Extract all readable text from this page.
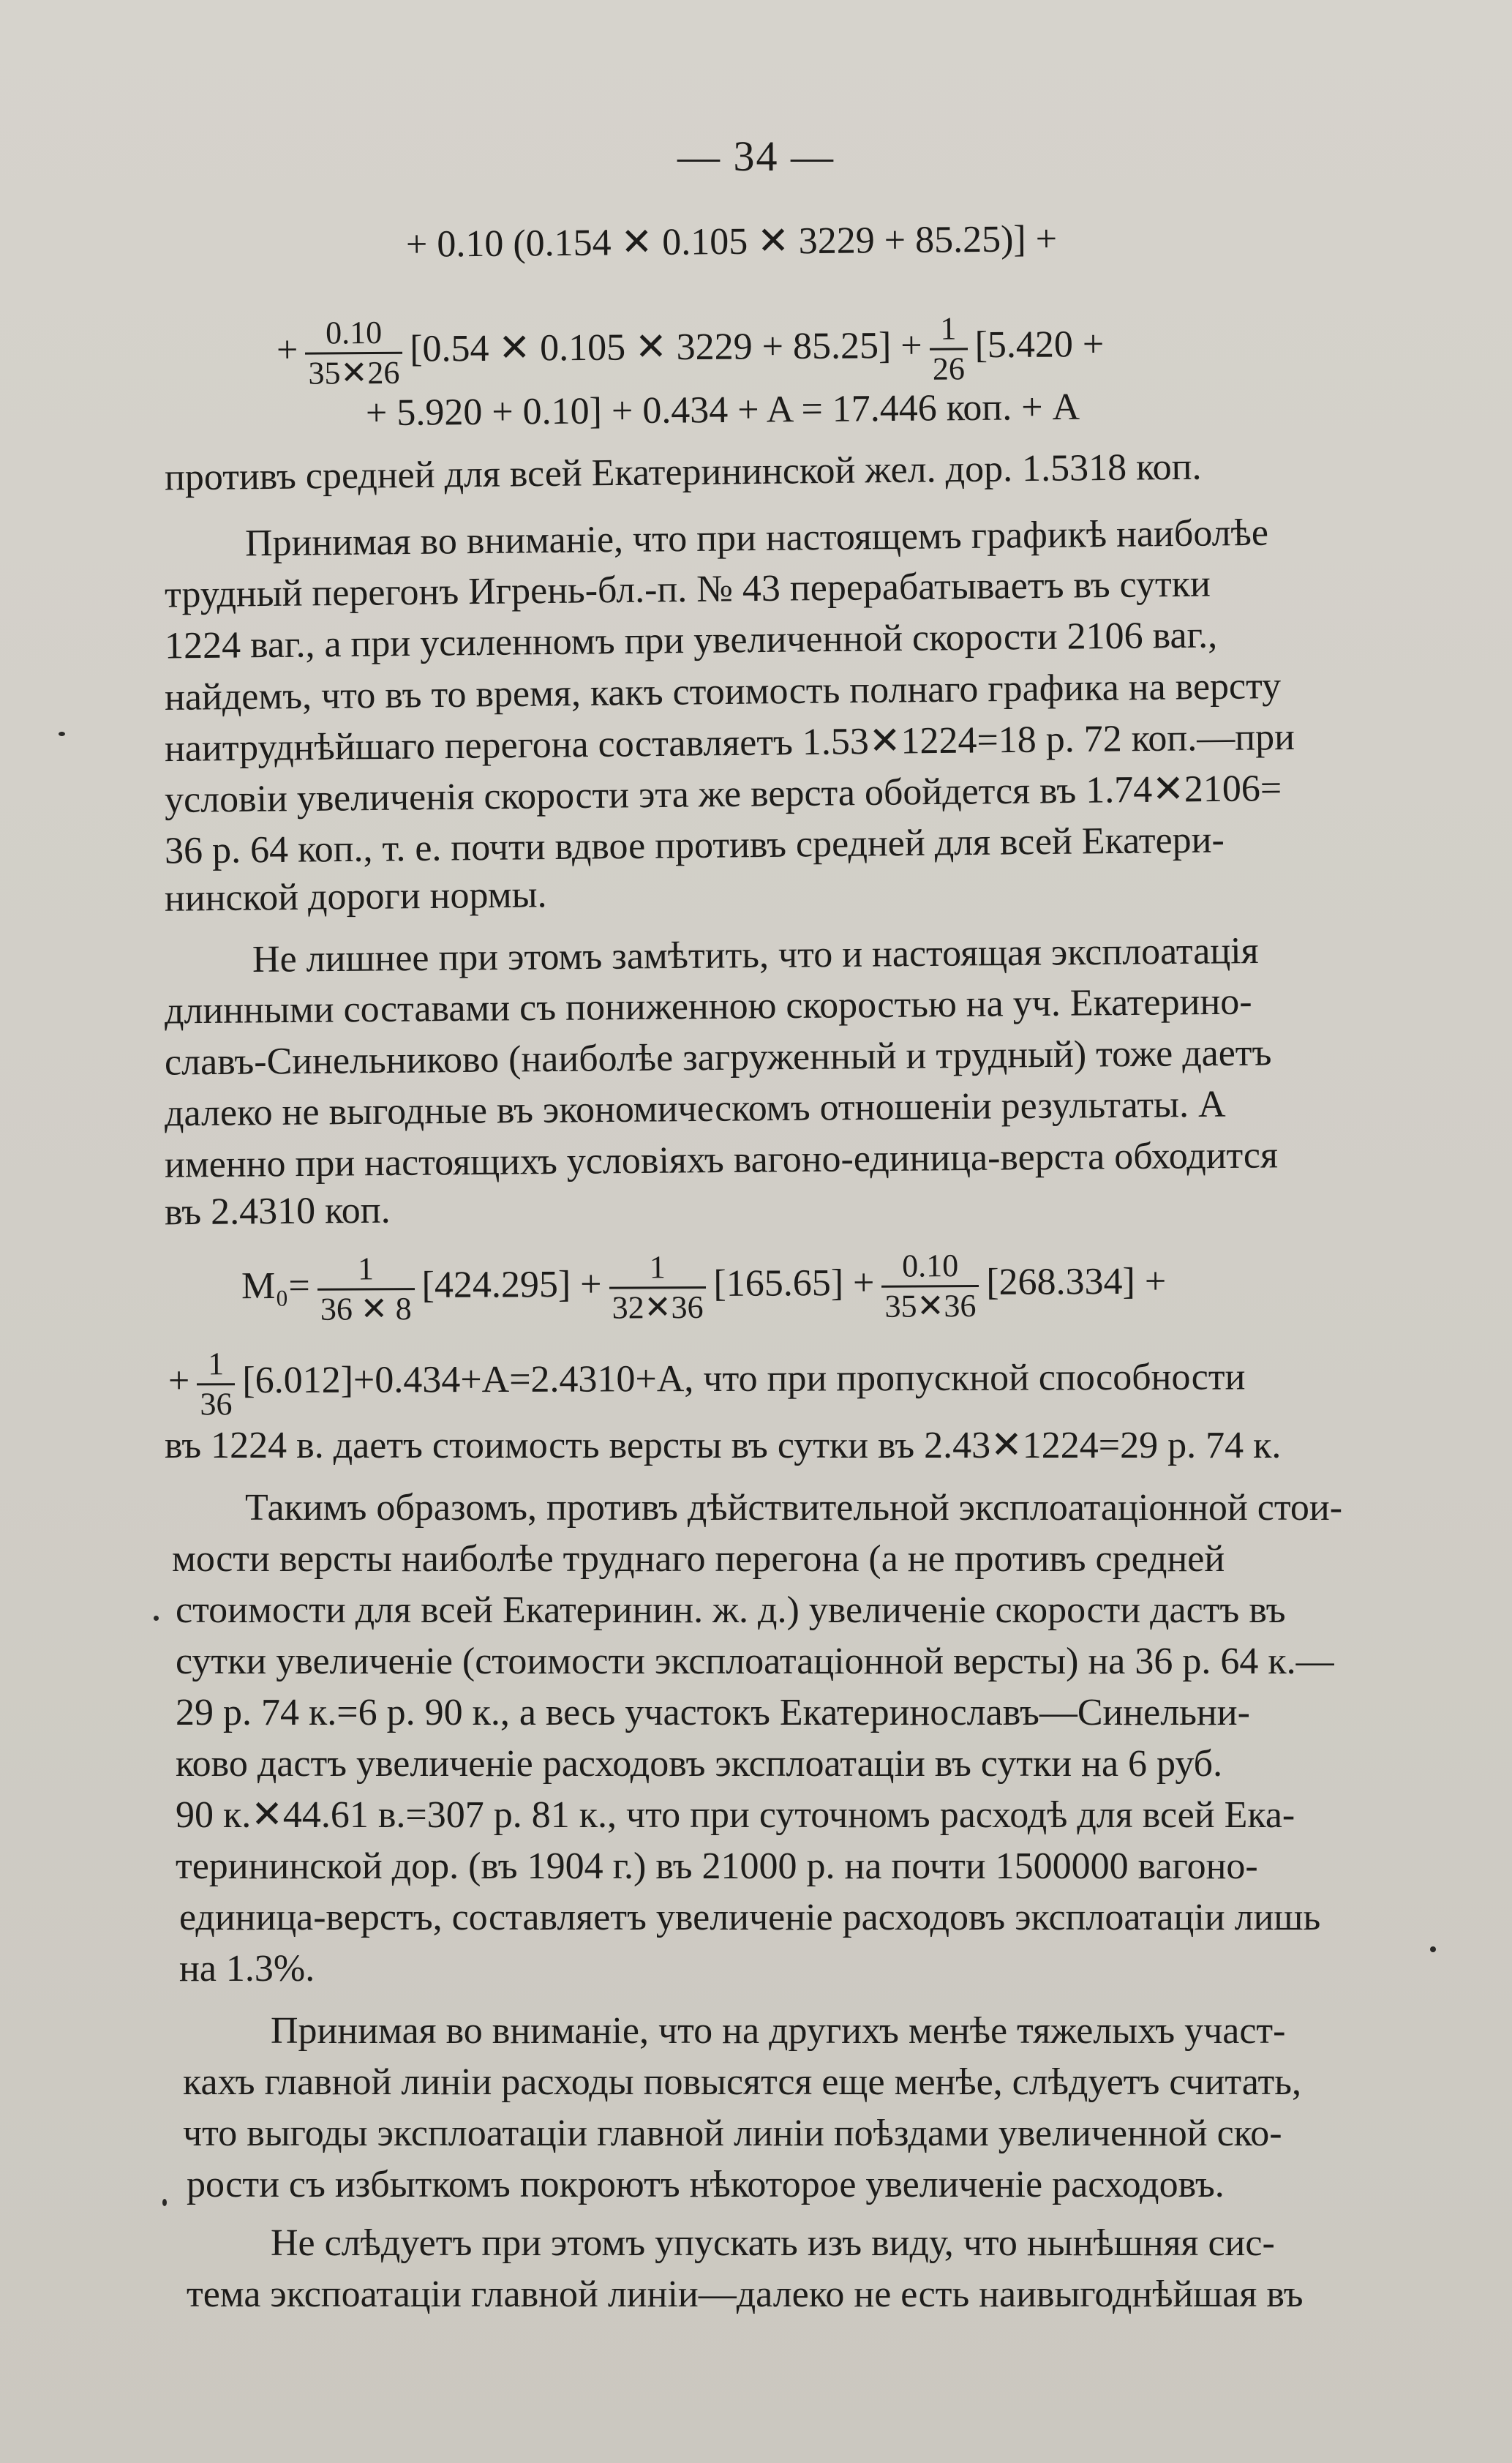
— 34 —
+ 0.10 (0.154 ✕ 0.105 ✕ 3229 + 85.25)] +
+ $\frac{0.10}{35✕26} [0.54$ ✕ 0.105 ✕ $3229 + 85.25] + \frac{1}{26} [5.420$ +
+ 5.920 + 0.10] + 0.434 + A = 17.446 коп. + A
противъ средней для всей Екатерининской жел. дор. 1.5318 коп.
Принимая во вниманіе, что при настоящемъ графикѣ наиболѣе
трудный перегонъ Игрень-бл.-п. № 43 перерабатываетъ въ сутки
1224 ваг., а при усиленномъ при увеличенной скорости 2106 ваг.,
найдемъ, что въ то время, какъ стоимость полнаго графика на версту
наитруднѣйшаго перегона составляетъ 1.53✕1224=18 р. 72 коп.—при
условіи увеличенія скорости эта же верста обойдется въ 1.74✕2106=
36 р. 64 коп., т. е. почти вдвое противъ средней для всей Екатери-
нинской дороги нормы.
Не лишнее при этомъ замѣтить, что и настоящая эксплоатація
длинными составами съ пониженною скоростью на уч. Екатерино-
славъ-Синельниково (наиболѣе загруженный и трудный) тоже даетъ
далеко не выгодные въ экономическомъ отношеніи результаты. А
именно при настоящихъ условіяхъ вагоно-единица-верста обходится
въ 2.4310 коп.
$M_0= \frac{1}{36 ✕ 8} [424.295] + \frac{1}{32✕36} [165.65] + \frac{0.10}{35✕36} [268.334]$ +
+ $\frac{1}{36} [6.012]+0.434+A=2.4310+A$, что при пропускной способности
въ 1224 в. даетъ стоимость версты въ сутки въ 2.43✕1224=29 р. 74 к.
Такимъ образомъ, противъ дѣйствительной эксплоатаціонной стои-
мости версты наиболѣе труднаго перегона (а не противъ средней
стоимости для всей Екатеринин. ж. д.) увеличеніе скорости дастъ въ
сутки увеличеніе (стоимости эксплоатаціонной версты) на 36 р. 64 к.—
29 р. 74 к.=6 р. 90 к., а весь участокъ Екатеринославъ—Синельни-
ково дастъ увеличеніе расходовъ эксплоатаціи въ сутки на 6 руб.
90 к.✕44.61 в.=307 р. 81 к., что при суточномъ расходѣ для всей Ека-
терининской дор. (въ 1904 г.) въ 21000 р. на почти 1500000 вагоно-
единица-верстъ, составляетъ увеличеніе расходовъ эксплоатаціи лишь
на 1.3%.
Принимая во вниманіе, что на другихъ менѣе тяжелыхъ участ-
кахъ главной линіи расходы повысятся еще менѣе, слѣдуетъ считать,
что выгоды эксплоатаціи главной линіи поѣздами увеличенной ско-
рости съ избыткомъ покроютъ нѣкоторое увеличеніе расходовъ.
Не слѣдуетъ при этомъ упускать изъ виду, что нынѣшняя сис-
тема экспоатаціи главной линіи—далеко не есть наивыгоднѣйшая въ
